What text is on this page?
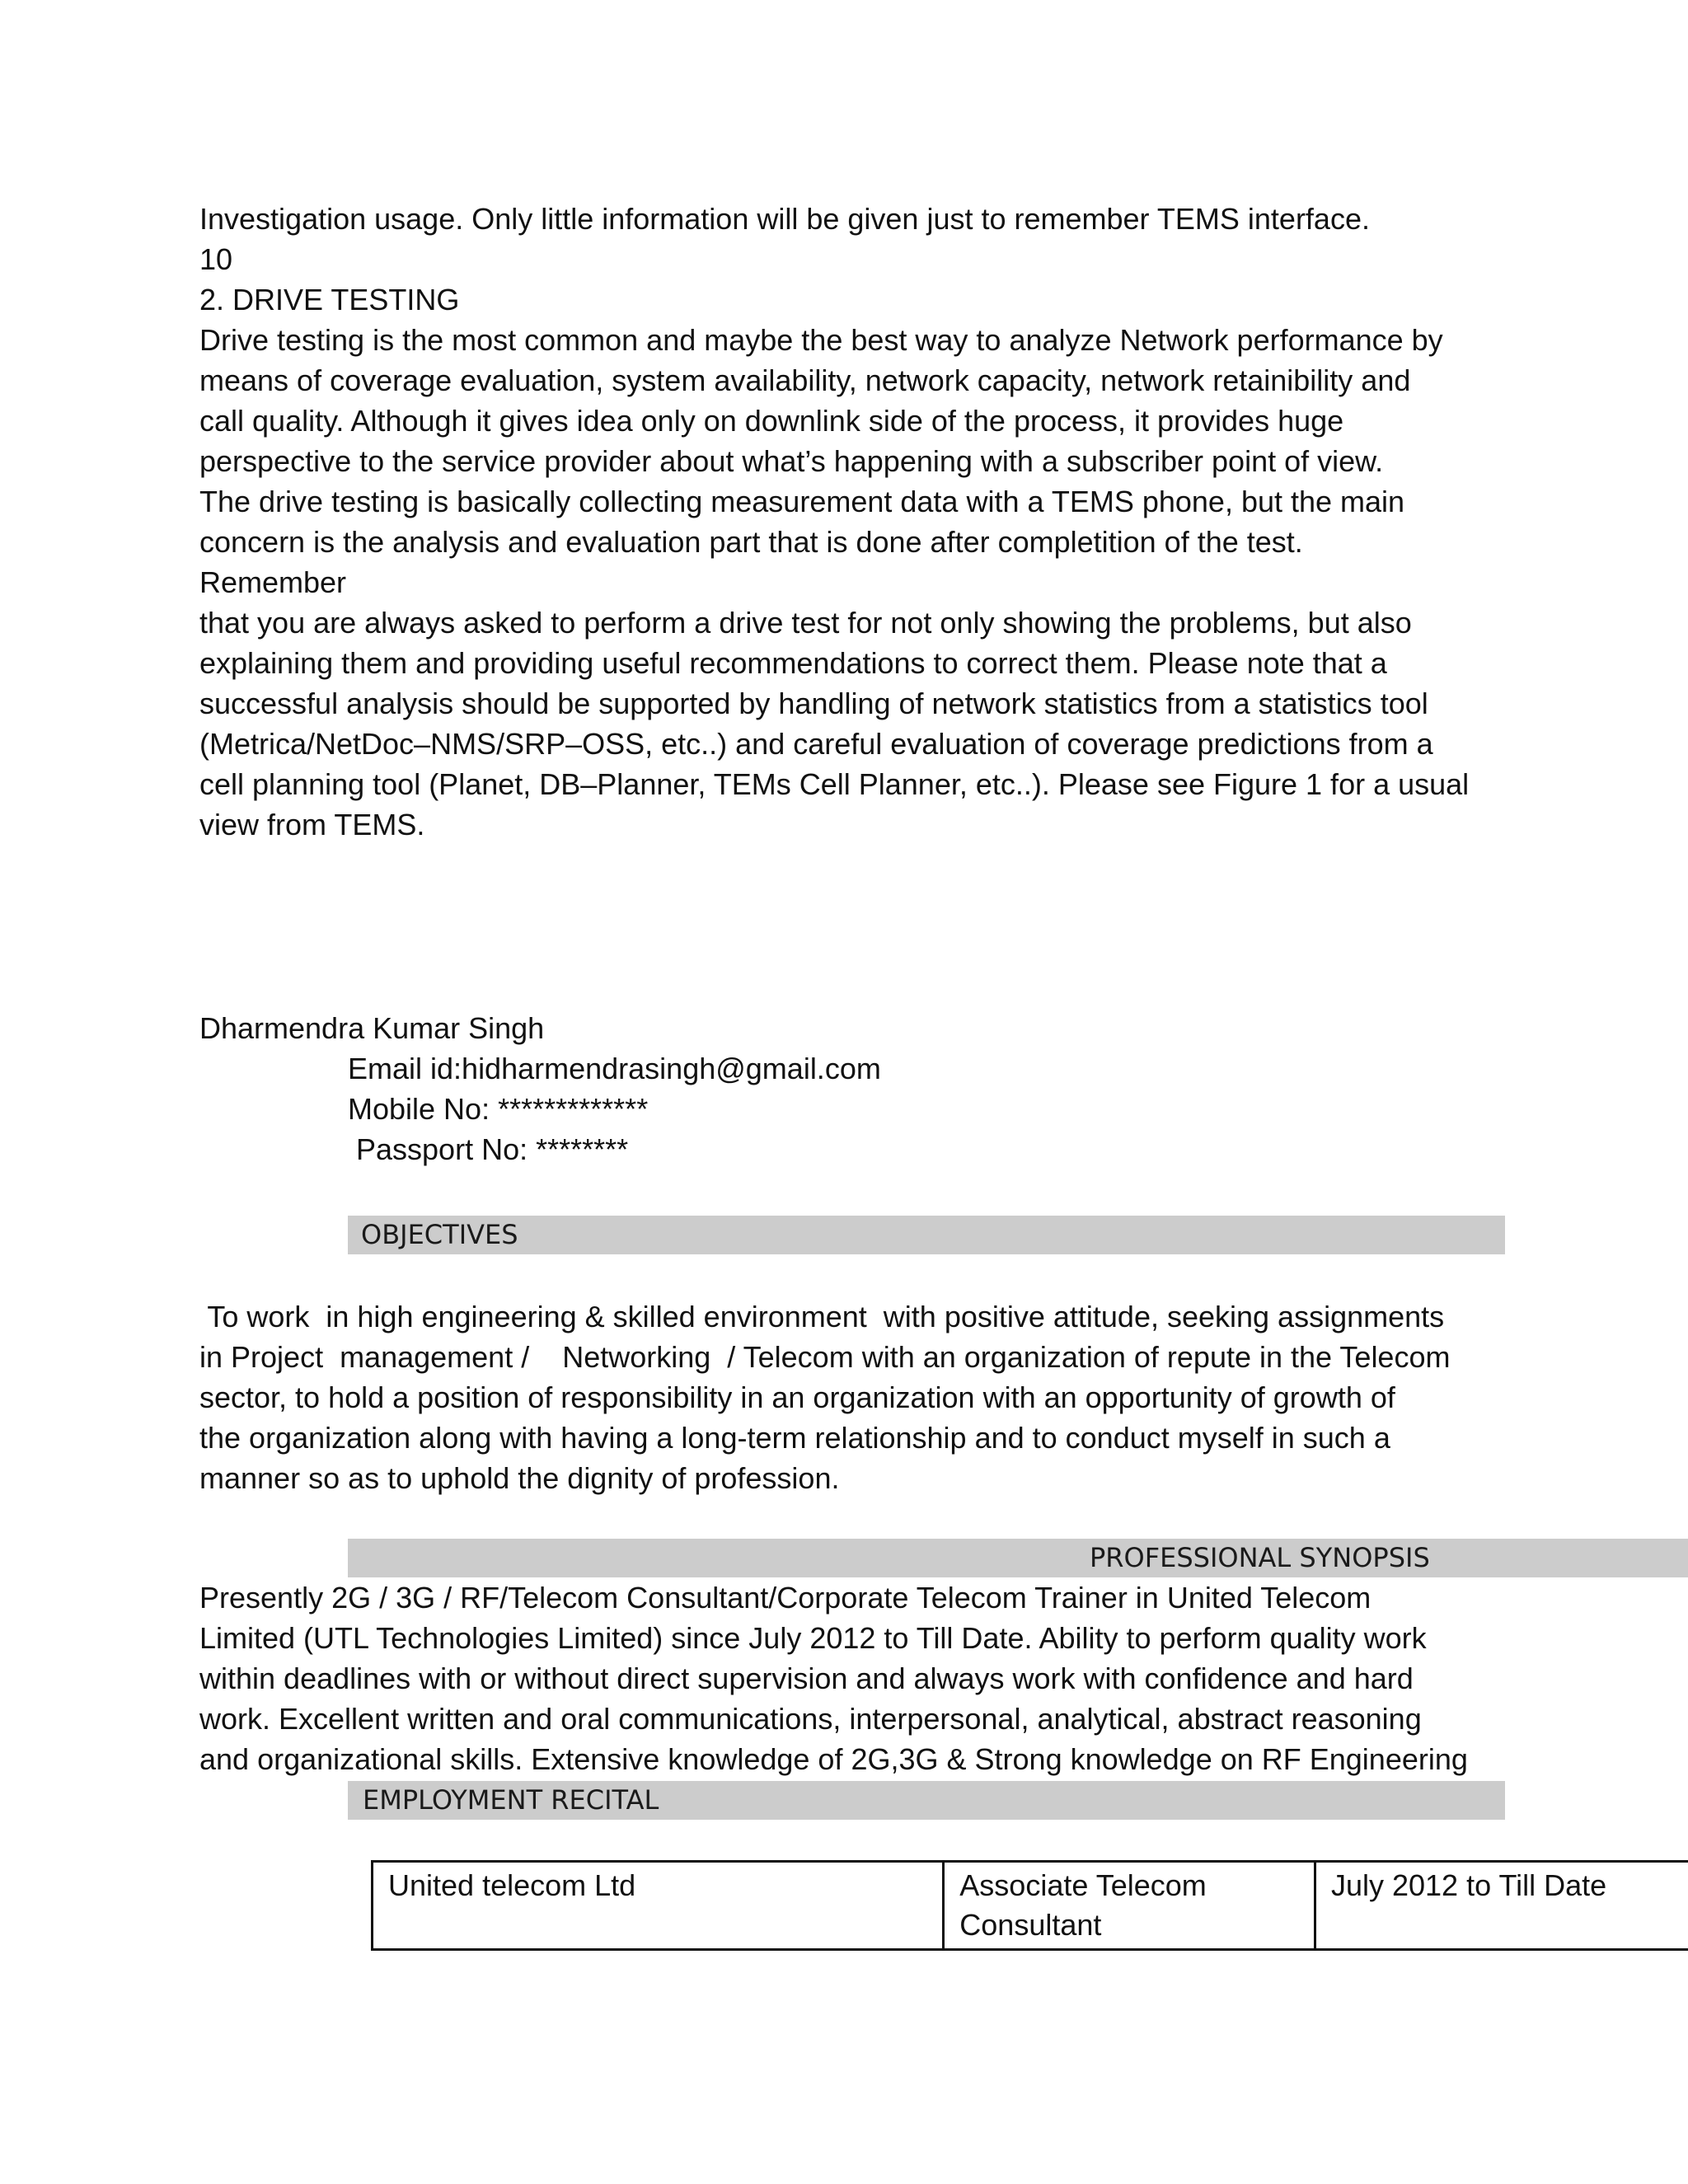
Investigation usage. Only little information will be given just to remember TEMS interface.
10
2. DRIVE TESTING

Drive testing is the most common and maybe the best way to analyze Network performance by

means of coverage evaluation, system availability, network capacity, network retainibility and

call quality. Although it gives idea only on downlink side of the process, it provides huge

perspective to the service provider about what’s happening with a subscriber point of view.

The drive testing is basically collecting measurement data with a TEMS phone, but the main

concern is the analysis and evaluation part that is done after completition of the test.

Remember

that you are always asked to perform a drive test for not only showing the problems, but also

explaining them and providing useful recommendations to correct them. Please note that a

successful analysis should be supported by handling of network statistics from a statistics tool

(Metrica/NetDoc–NMS/SRP–OSS, etc..) and careful evaluation of coverage predictions from a

cell planning tool (Planet, DB–Planner, TEMs Cell Planner, etc..). Please see Figure 1 for a usual

view from TEMS.

Dharmendra Kumar Singh
Email id:hidharmendrasingh@gmail.com
Mobile No: *************
Passport No: ********
OBJECTIVES

To work  in high engineering & skilled environment  with positive attitude, seeking assignments

in Project  management /    Networking  / Telecom with an organization of repute in the Telecom

sector, to hold a position of responsibility in an organization with an opportunity of growth of

the organization along with having a long-term relationship and to conduct myself in such a

manner so as to uphold the dignity of profession.

PROFESSIONAL SYNOPSIS

Presently 2G / 3G / RF/Telecom Consultant/Corporate Telecom Trainer in United Telecom

Limited (UTL Technologies Limited) since July 2012 to Till Date. Ability to perform quality work

within deadlines with or without direct supervision and always work with confidence and hard

work. Excellent written and oral communications, interpersonal, analytical, abstract reasoning

and organizational skills. Extensive knowledge of 2G,3G & Strong knowledge on RF Engineering

EMPLOYMENT RECITAL
United telecom Ltd	Associate Telecom Consultant	July 2012 to Till Date
